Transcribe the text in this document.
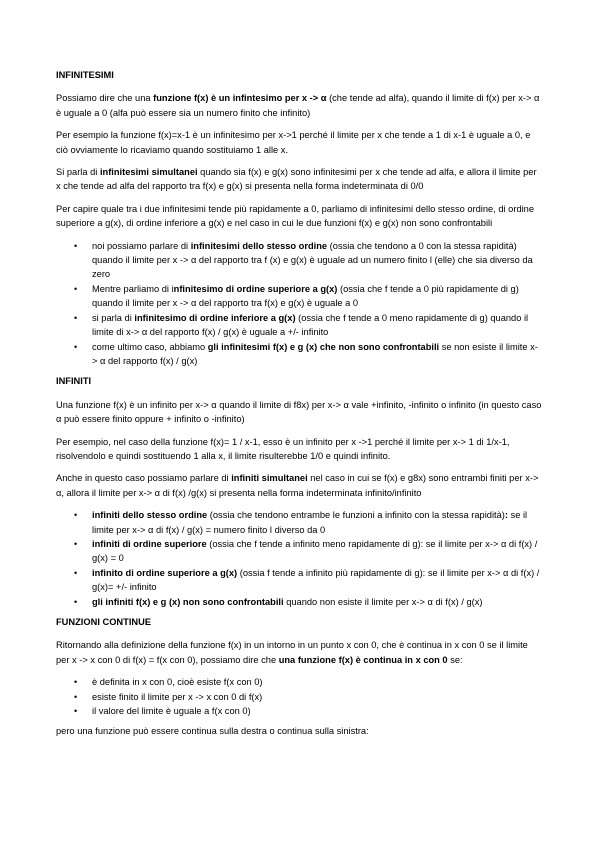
INFINITESIMI

Possiamo dire che una funzione f(x) è un infintesimo per x -> α (che tende ad alfa), quando il limite di f(x) per x-> α è uguale a 0 (alfa può essere sia un numero finito che infinito)

Per esempio la funzione f(x)=x-1 è un infinitesimo per x->1 perché il limite per x che tende a 1 di x-1 è uguale a 0, e ciò ovviamente lo ricaviamo quando sostituiamo 1 alle x.

Si parla di infinitesimi simultanei quando sia f(x) e g(x) sono infinitesimi per x che tende ad alfa, e allora il limite per x che tende ad alfa del rapporto tra f(x) e g(x) si presenta nella forma indeterminata di 0/0

Per capire quale tra i due infinitesimi tende più rapidamente a 0, parliamo di infinitesimi dello stesso ordine, di ordine superiore a g(x), di ordine inferiore a g(x) e nel caso in cui le due funzioni f(x) e g(x) non sono confrontabili

• noi possiamo parlare di infinitesimi dello stesso ordine (ossia che tendono a 0 con la stessa rapidità) quando il limite per x -> α del rapporto tra f (x) e g(x) è uguale ad un numero finito l (elle) che sia diverso da zero
• Mentre parliamo di infinitesimo di ordine superiore a g(x) (ossia che f tende a 0 più rapidamente di g) quando il limite per x -> α del rapporto tra f(x) e g(x) è uguale a 0
• si parla di infinitesimo di ordine inferiore a g(x) (ossia che f tende a 0 meno rapidamente di g) quando il limite di x-> α del rapporto f(x) / g(x) è uguale a +/- infinito
• come ultimo caso, abbiamo gli infinitesimi f(x) e g (x) che non sono confrontabili se non esiste il limite x-> α del rapporto f(x) / g(x)
INFINITI

Una funzione f(x) è un infinito per x-> α quando il limite di f8x) per x-> α vale +infinito, -infinito o infinito (in questo caso α può essere finito oppure + infinito o -infinito)

Per esempio, nel caso della funzione f(x)= 1 / x-1, esso è un infinito per x ->1 perché il limite per x-> 1 di 1/x-1, risolvendolo e quindi sostituendo 1 alla x, il limite risulterebbe 1/0 e quindi infinito.

Anche in questo caso possiamo parlare di infiniti simultanei nel caso in cui se f(x) e g8x) sono entrambi finiti per x-> α, allora il limite per x-> α di f(x) /g(x) si presenta nella forma indeterminata infinito/infinito

• infiniti dello stesso ordine (ossia che tendono entrambe le funzioni a infinito con la stessa rapidità): se il limite per x-> α di f(x) / g(x) = numero finito l diverso da 0
• infiniti di ordine superiore (ossia che f tende a infinito meno rapidamente di g): se il limite per x-> α di f(x) / g(x) = 0
• infinito di ordine superiore a g(x) (ossia f tende a infinito più rapidamente di g): se il limite per x-> α di f(x) / g(x)= +/- infinito
• gli infiniti f(x) e g (x) non sono confrontabili quando non esiste il limite per x-> α di f(x) / g(x)
FUNZIONI CONTINUE

Ritornando alla definizione della funzione f(x) in un intorno in un punto x con 0, che è continua in x con 0 se il limite per x -> x con 0 di f(x) = f(x con 0), possiamo dire che una funzione f(x) è continua in x con 0 se:

• è definita in x con 0, cioè esiste f(x con 0)
• esiste finito il limite per x -> x con 0 di f(x)
• il valore del limite è uguale a f(x con 0)

pero una funzione può essere continua sulla destra o continua sulla sinistra:
